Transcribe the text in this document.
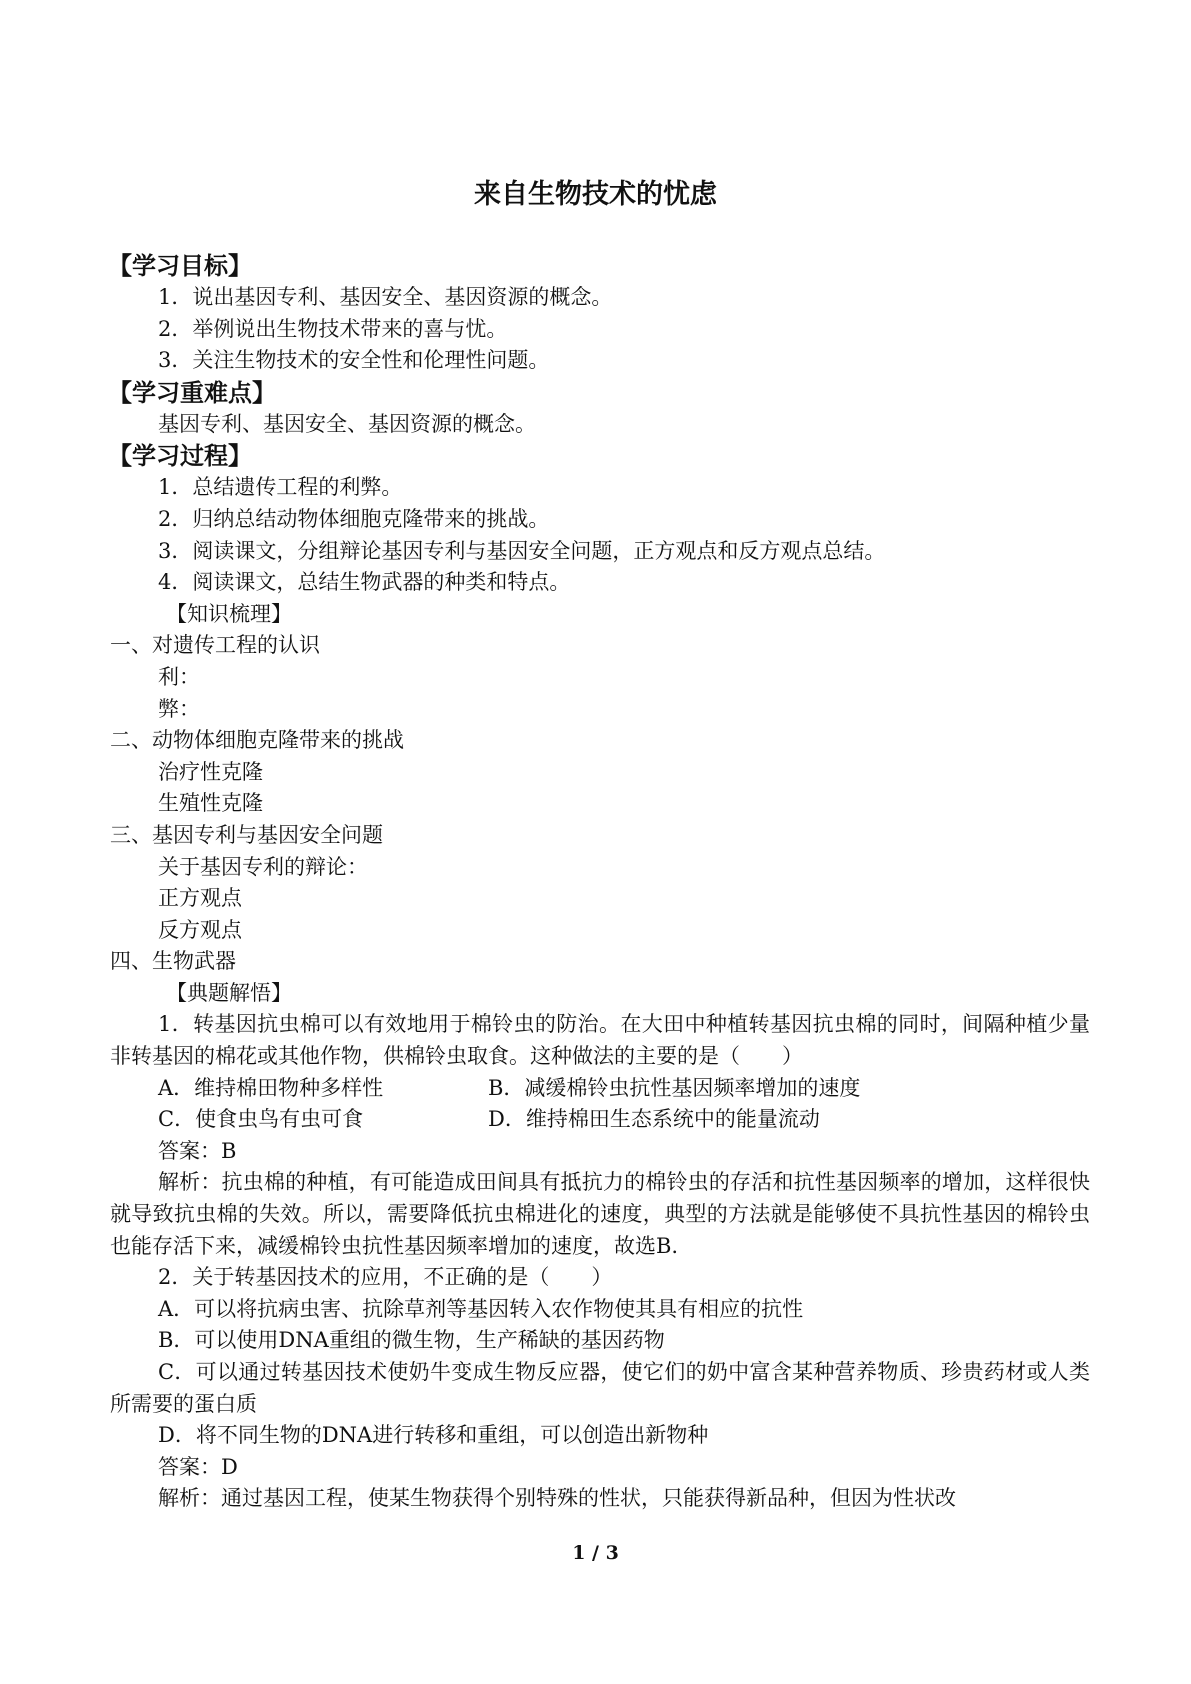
来自生物技术的忧虑
【学习目标】
1．说出基因专利、基因安全、基因资源的概念。
2．举例说出生物技术带来的喜与忧。
3．关注生物技术的安全性和伦理性问题。
【学习重难点】
基因专利、基因安全、基因资源的概念。
【学习过程】
1．总结遗传工程的利弊。
2．归纳总结动物体细胞克隆带来的挑战。
3．阅读课文，分组辩论基因专利与基因安全问题，正方观点和反方观点总结。
4．阅读课文，总结生物武器的种类和特点。
【知识梳理】
一、对遗传工程的认识
利：
弊：
二、动物体细胞克隆带来的挑战
治疗性克隆
生殖性克隆
三、基因专利与基因安全问题
关于基因专利的辩论：
正方观点
反方观点
四、生物武器
【典题解悟】
1．转基因抗虫棉可以有效地用于棉铃虫的防治。在大田中种植转基因抗虫棉的同时，间隔种植少量非转基因的棉花或其他作物，供棉铃虫取食。这种做法的主要的是（　　）
A．维持棉田物种多样性	B．减缓棉铃虫抗性基因频率增加的速度
C．使食虫鸟有虫可食	D．维持棉田生态系统中的能量流动
答案：B
解析：抗虫棉的种植，有可能造成田间具有抵抗力的棉铃虫的存活和抗性基因频率的增加，这样很快就导致抗虫棉的失效。所以，需要降低抗虫棉进化的速度，典型的方法就是能够使不具抗性基因的棉铃虫也能存活下来，减缓棉铃虫抗性基因频率增加的速度，故选B.
2．关于转基因技术的应用，不正确的是（　　）
A．可以将抗病虫害、抗除草剂等基因转入农作物使其具有相应的抗性
B．可以使用DNA重组的微生物，生产稀缺的基因药物
C．可以通过转基因技术使奶牛变成生物反应器，使它们的奶中富含某种营养物质、珍贵药材或人类所需要的蛋白质
D．将不同生物的DNA进行转移和重组，可以创造出新物种
答案：D
解析：通过基因工程，使某生物获得个别特殊的性状，只能获得新品种，但因为性状改
1 / 3
